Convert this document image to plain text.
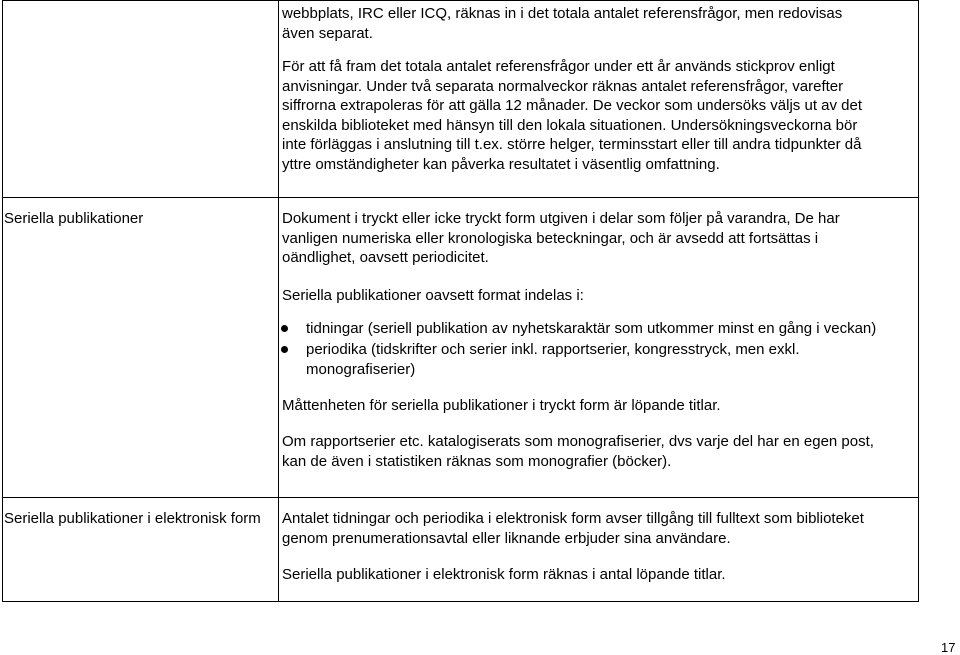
webbplats, IRC eller ICQ, räknas in i det totala antalet referensfrågor, men redovisas
även separat.

För att få fram det totala antalet referensfrågor under ett år används stickprov enligt
anvisningar. Under två separata normalveckor räknas antalet referensfrågor, varefter
siffrorna extrapoleras för att gälla 12 månader. De veckor som undersöks väljs ut av det
enskilda biblioteket med hänsyn till den lokala situationen. Undersökningsveckorna bör
inte förläggas i anslutning till t.ex. större helger, terminsstart eller till andra tidpunkter då
yttre omständigheter kan påverka resultatet i väsentlig omfattning.

Seriella publikationer	Dokument i tryckt eller icke tryckt form utgiven i delar som följer på varandra, De har
vanligen numeriska eller kronologiska beteckningar, och är avsedd att fortsättas i
oändlighet, oavsett periodicitet.

Seriella publikationer oavsett format indelas i:

tidningar (seriell publikation av nyhetskaraktär som utkommer minst en gång i veckan)

periodika (tidskrifter och serier inkl. rapportserier, kongresstryck, men exkl.
monografiserier)

Måttenheten för seriella publikationer i tryckt form är löpande titlar.

Om rapportserier etc. katalogiserats som monografiserier, dvs varje del har en egen post,
kan de även i statistiken räknas som monografier (böcker).

Seriella publikationer i elektronisk form Antalet tidningar och periodika i elektronisk form avser tillgång till fulltext som biblioteket
genom prenumerationsavtal eller liknande erbjuder sina användare.

Seriella publikationer i elektronisk form räknas i antal löpande titlar.

17
